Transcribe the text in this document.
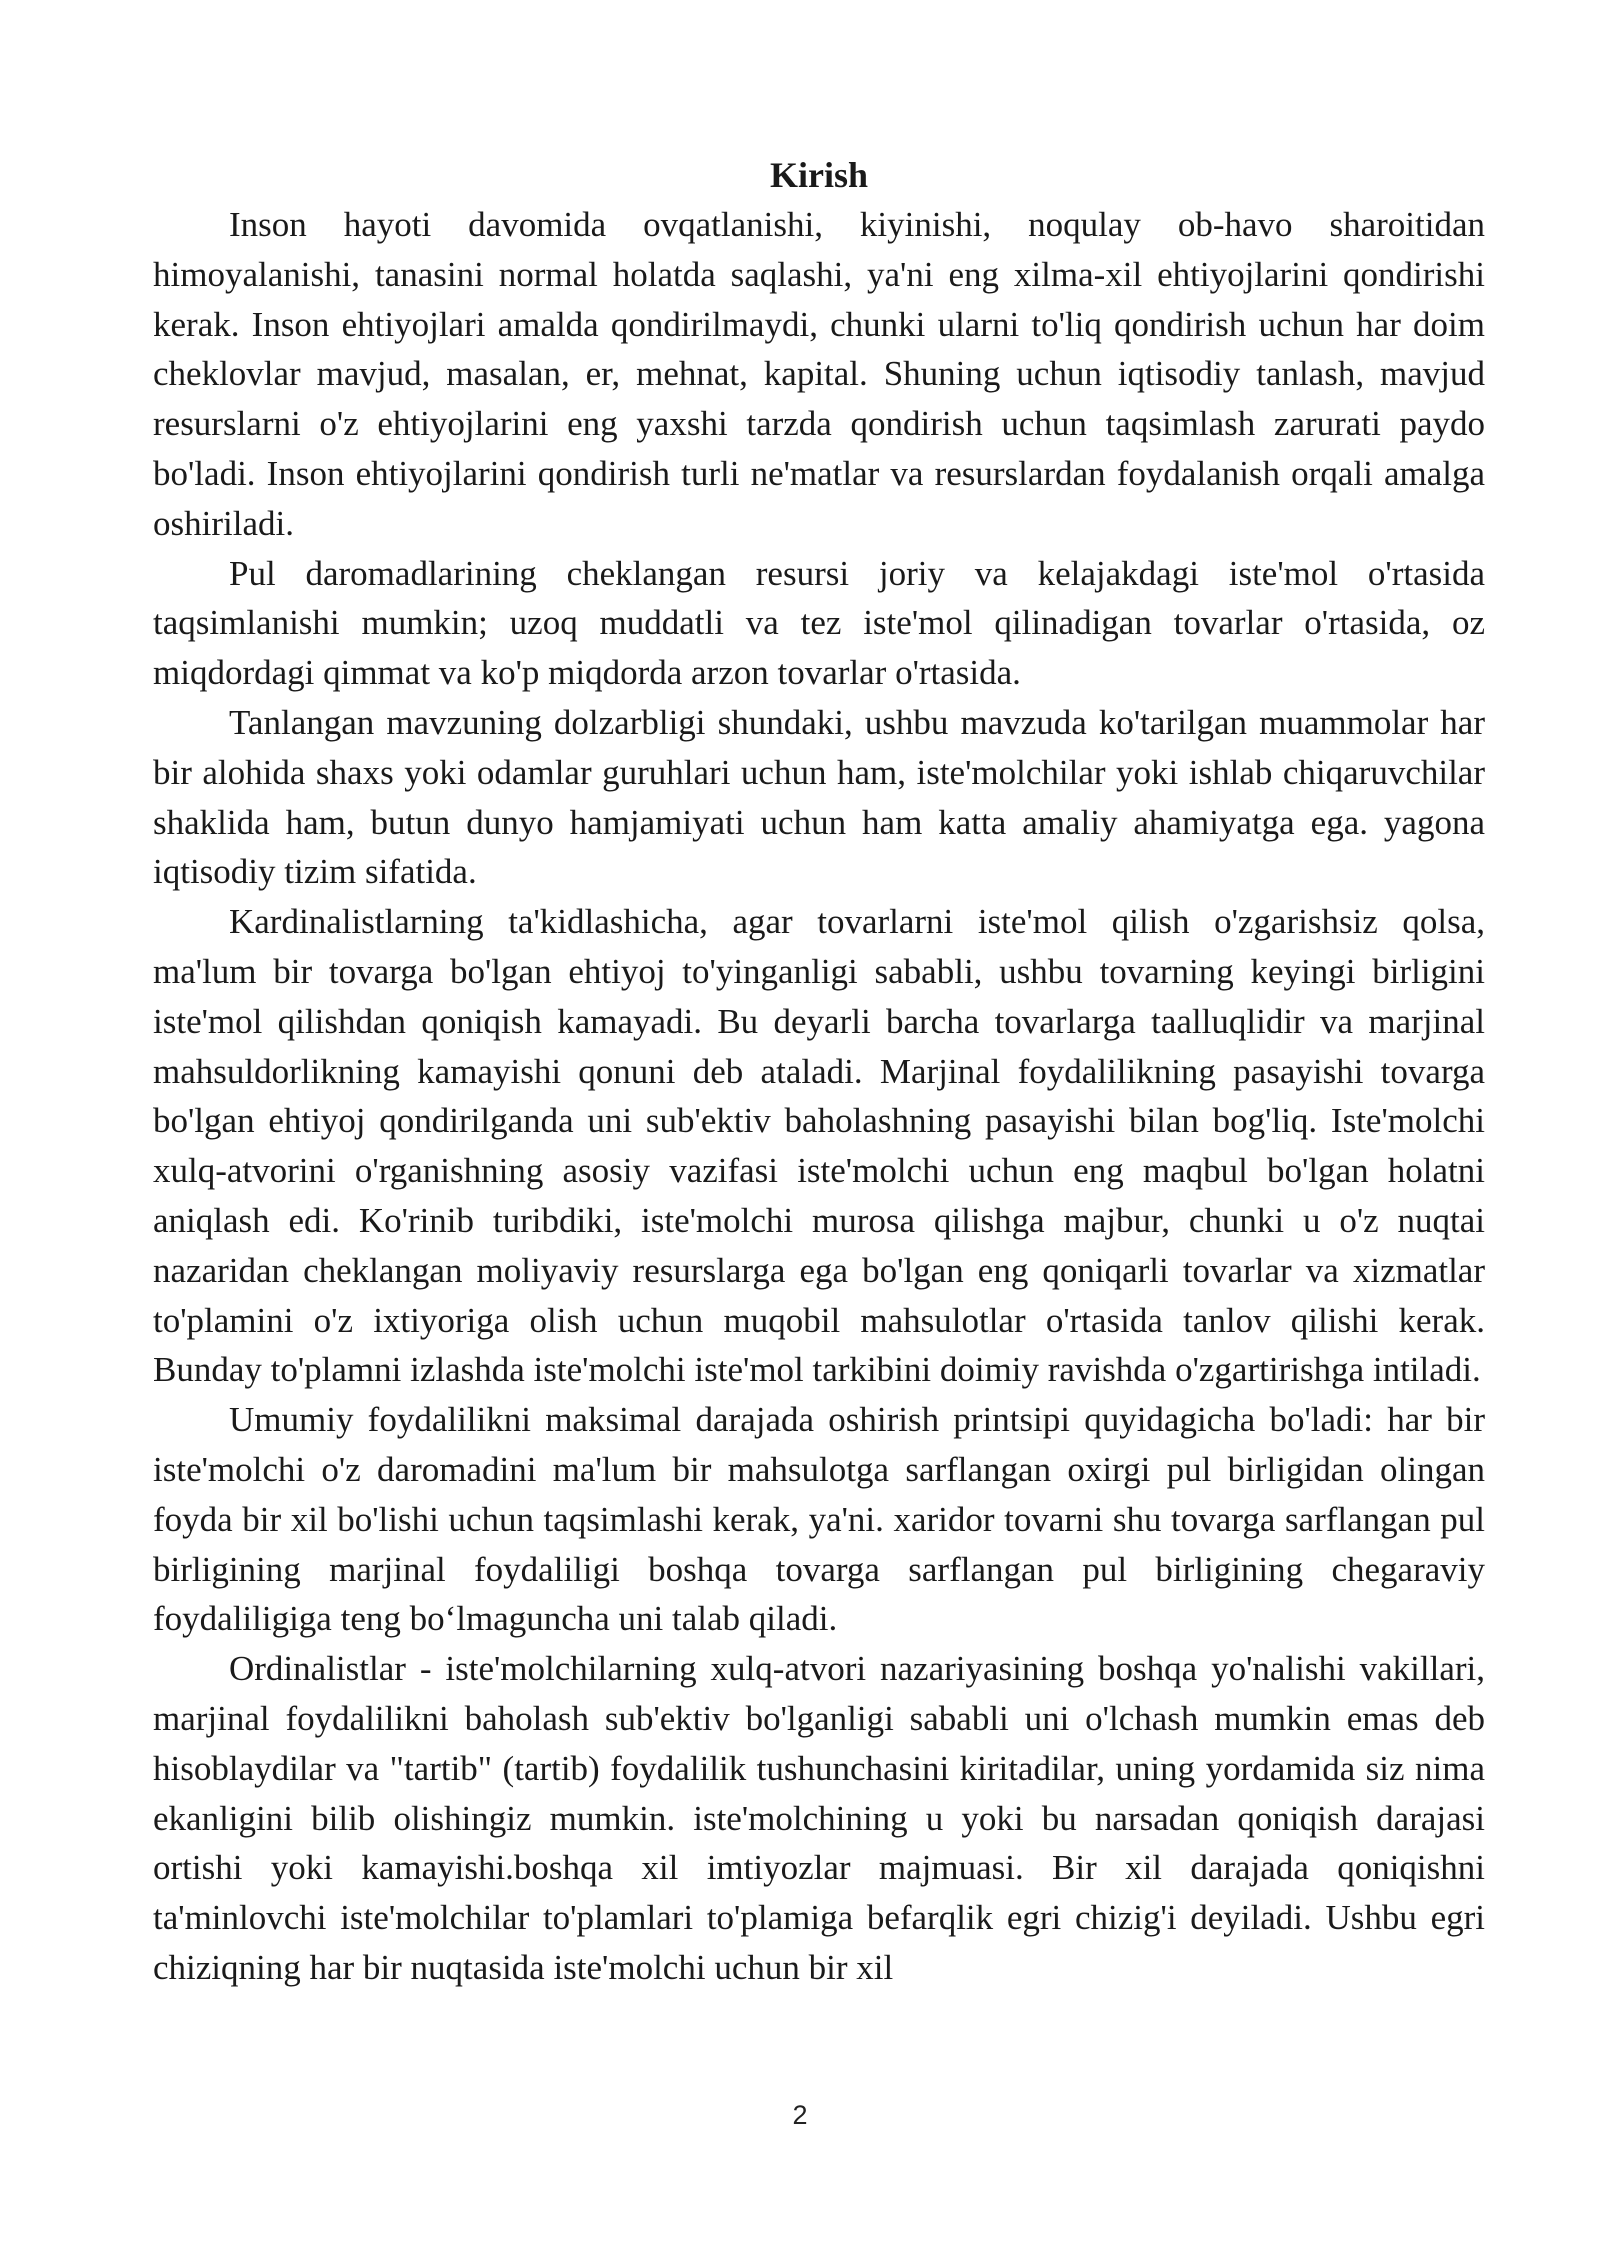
Kirish

Inson hayoti davomida ovqatlanishi, kiyinishi, noqulay ob-havo sharoitidan himoyalanishi, tanasini normal holatda saqlashi, ya'ni eng xilma-xil ehtiyojlarini qondirishi kerak. Inson ehtiyojlari amalda qondirilmaydi, chunki ularni to'liq qondirish uchun har doim cheklovlar mavjud, masalan, er, mehnat, kapital. Shuning uchun iqtisodiy tanlash, mavjud resurslarni o'z ehtiyojlarini eng yaxshi tarzda qondirish uchun taqsimlash zarurati paydo bo'ladi. Inson ehtiyojlarini qondirish turli ne'matlar va resurslardan foydalanish orqali amalga oshiriladi.

Pul daromadlarining cheklangan resursi joriy va kelajakdagi iste'mol o'rtasida taqsimlanishi mumkin; uzoq muddatli va tez iste'mol qilinadigan tovarlar o'rtasida, oz miqdordagi qimmat va ko'p miqdorda arzon tovarlar o'rtasida.

Tanlangan mavzuning dolzarbligi shundaki, ushbu mavzuda ko'tarilgan muammolar har bir alohida shaxs yoki odamlar guruhlari uchun ham, iste'molchilar yoki ishlab chiqaruvchilar shaklida ham, butun dunyo hamjamiyati uchun ham katta amaliy ahamiyatga ega. yagona iqtisodiy tizim sifatida.

Kardinalistlarning ta'kidlashicha, agar tovarlarni iste'mol qilish o'zgarishsiz qolsa, ma'lum bir tovarga bo'lgan ehtiyoj to'yinganligi sababli, ushbu tovarning keyingi birligini iste'mol qilishdan qoniqish kamayadi. Bu deyarli barcha tovarlarga taalluqlidir va marjinal mahsuldorlikning kamayishi qonuni deb ataladi. Marjinal foydalilikning pasayishi tovarga bo'lgan ehtiyoj qondirilganda uni sub'ektiv baholashning pasayishi bilan bog'liq. Iste'molchi xulq-atvorini o'rganishning asosiy vazifasi iste'molchi uchun eng maqbul bo'lgan holatni aniqlash edi. Ko'rinib turibdiki, iste'molchi murosa qilishga majbur, chunki u o'z nuqtai nazaridan cheklangan moliyaviy resurslarga ega bo'lgan eng qoniqarli tovarlar va xizmatlar to'plamini o'z ixtiyoriga olish uchun muqobil mahsulotlar o'rtasida tanlov qilishi kerak. Bunday to'plamni izlashda iste'molchi iste'mol tarkibini doimiy ravishda o'zgartirishga intiladi.

Umumiy foydalilikni maksimal darajada oshirish printsipi quyidagicha bo'ladi: har bir iste'molchi o'z daromadini ma'lum bir mahsulotga sarflangan oxirgi pul birligidan olingan foyda bir xil bo'lishi uchun taqsimlashi kerak, ya'ni. xaridor tovarni shu tovarga sarflangan pul birligining marjinal foydaliligi boshqa tovarga sarflangan pul birligining chegaraviy foydaliligiga teng boʻlmaguncha uni talab qiladi.

Ordinalistlar - iste'molchilarning xulq-atvori nazariyasining boshqa yo'nalishi vakillari, marjinal foydalilikni baholash sub'ektiv bo'lganligi sababli uni o'lchash mumkin emas deb hisoblaydilar va "tartib" (tartib) foydalilik tushunchasini kiritadilar, uning yordamida siz nima ekanligini bilib olishingiz mumkin. iste'molchining u yoki bu narsadan qoniqish darajasi ortishi yoki kamayishi.boshqa xil imtiyozlar majmuasi. Bir xil darajada qoniqishni ta'minlovchi iste'molchilar to'plamlari to'plamiga befarqlik egri chizig'i deyiladi. Ushbu egri chiziqning har bir nuqtasida iste'molchi uchun bir xil

2
